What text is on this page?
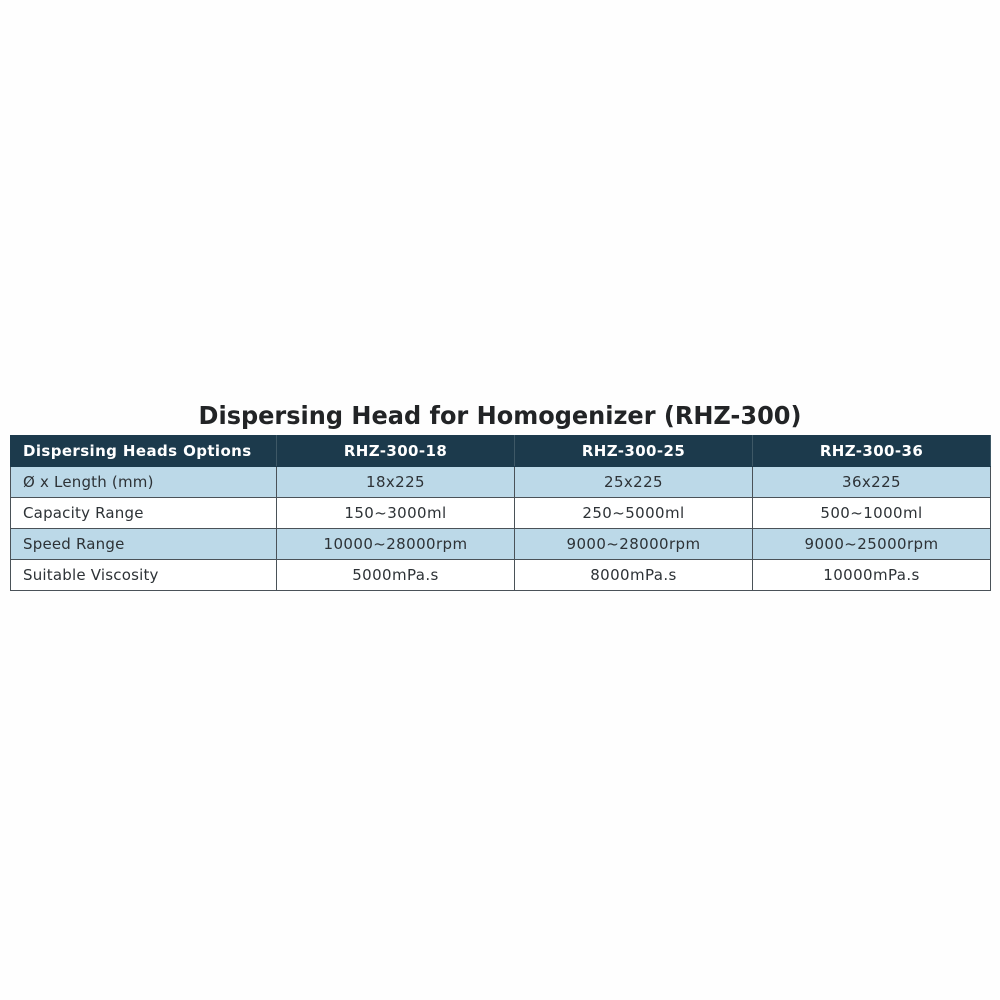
Dispersing Head for Homogenizer (RHZ-300)
Dispersing Heads Options	RHZ-300-18	RHZ-300-25	RHZ-300-36
Ø x Length (mm)	18x225	25x225	36x225
Capacity Range	150~3000ml	250~5000ml	500~1000ml
Speed Range	10000~28000rpm	9000~28000rpm	9000~25000rpm
Suitable Viscosity	5000mPa.s	8000mPa.s	10000mPa.s
